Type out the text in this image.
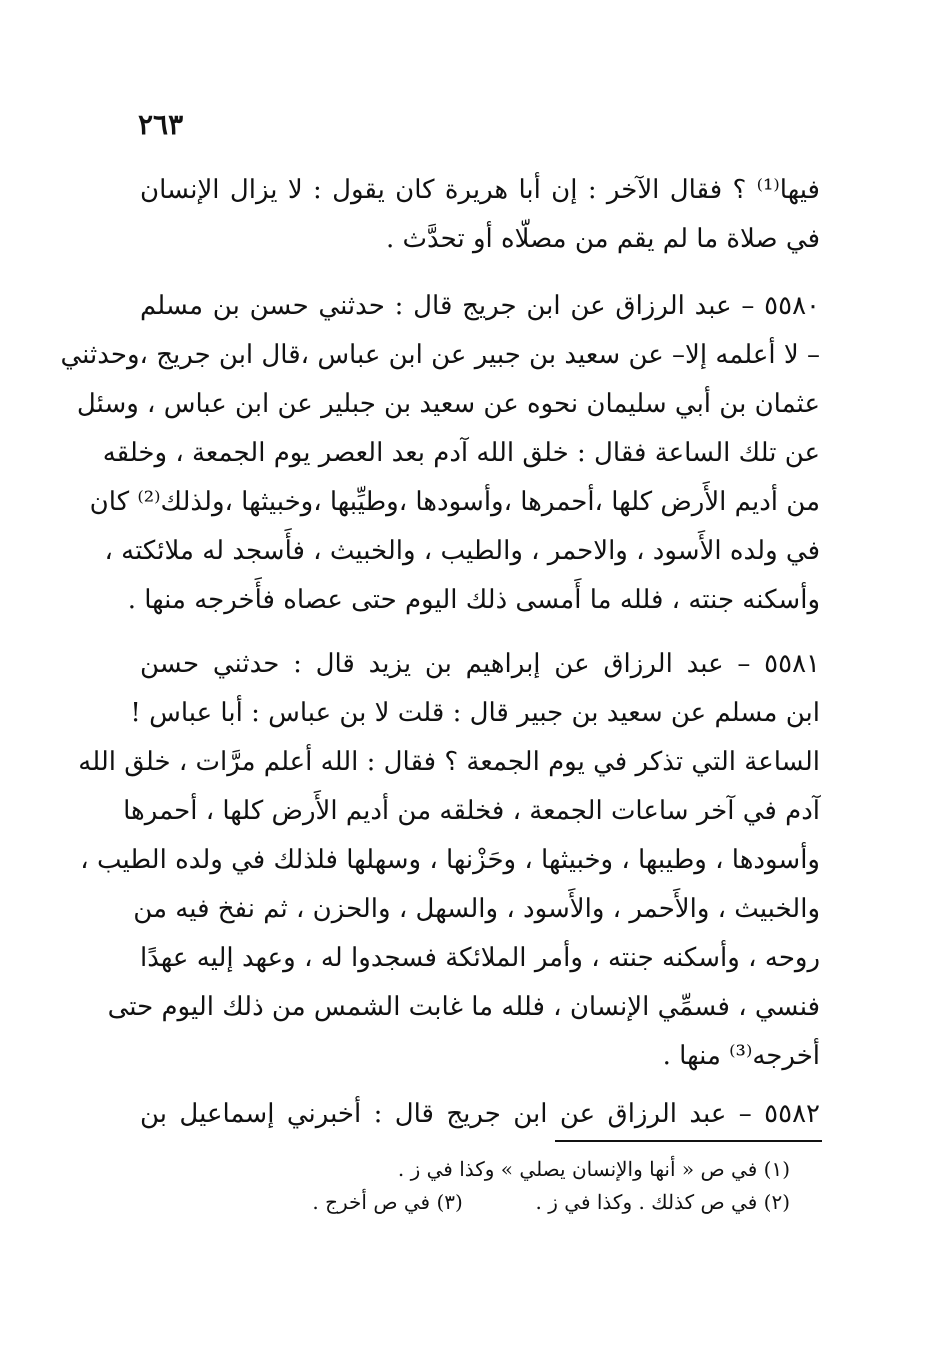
٢٦٣
فيها⁽¹⁾ ؟ فقال الآخر : إن أبا هريرة كان يقول : لا يزال الإنسان
في صلاة ما لم يقم من مصلّاه أو تحدَّث .
٥٥٨٠ – عبد الرزاق عن ابن جريج قال : حدثني حسن بن مسلم
– لا أعلمه إلا– عن سعيد بن جبير عن ابن عباس ،قال ابن جريج ،وحدثني
عثمان بن أبي سليمان نحوه عن سعيد بن جبلير عن ابن عباس ، وسئل
عن تلك الساعة فقال : خلق الله آدم بعد العصر يوم الجمعة ، وخلقه
من أديم الأَرض كلها ،أحمرها ،وأسودها ،وطيِّبها ،وخبيثها ،ولذلك⁽²⁾ كان
في ولده الأَسود ، والاحمر ، والطيب ، والخبيث ، فأَسجد له ملائكته ،
وأسكنه جنته ، فلله ما أَمسى ذلك اليوم حتى عصاه فأَخرجه منها .
٥٥٨١ – عبد الرزاق عن إبراهيم بن يزيد قال : حدثني حسن
ابن مسلم عن سعيد بن جبير قال : قلت لا بن عباس : أبا عباس !
الساعة التي تذكر في يوم الجمعة ؟ فقال : الله أعلم مرَّات ، خلق الله
آدم في آخر ساعات الجمعة ، فخلقه من أديم الأَرض كلها ، أحمرها
وأسودها ، وطيبها ، وخبيثها ، وحَزْنها ، وسهلها فلذلك في ولده الطيب ،
والخبيث ، والأَحمر ، والأَسود ، والسهل ، والحزن ، ثم نفخ فيه من
روحه ، وأسكنه جنته ، وأمر الملائكة فسجدوا له ، وعهد إليه عهدًا
فنسي ، فسمِّي الإنسان ، فلله ما غابت الشمس من ذلك اليوم حتى
أخرجه⁽³⁾ منها .
٥٥٨٢ – عبد الرزاق عن ابن جريج قال : أخبرني إسماعيل بن
(١) في ص « أنها والإنسان يصلي » وكذا في ز .
(٢) في ص كذلك . وكذا في ز .  (٣) في ص أخرج .
